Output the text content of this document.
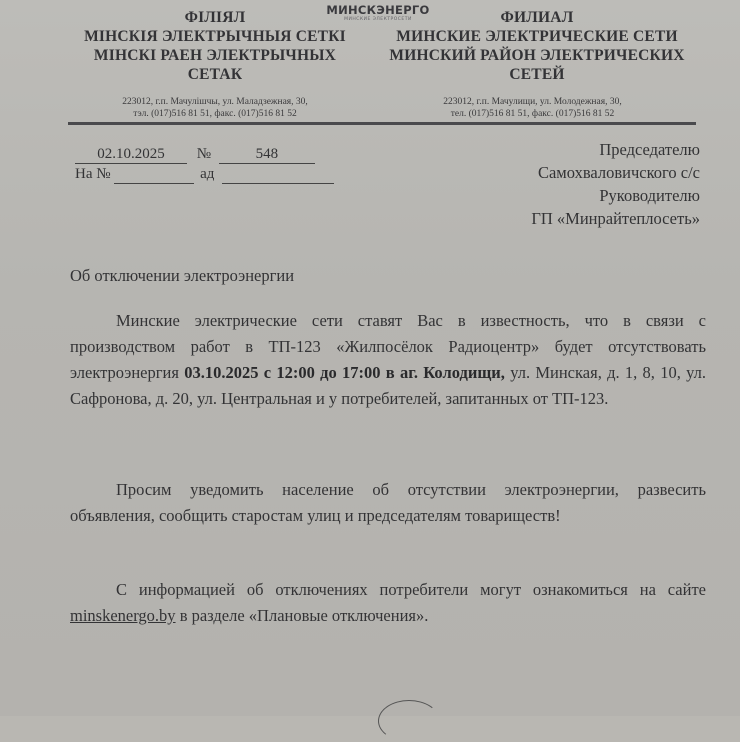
ФІЛІЯЛ
МІНСКІЯ ЭЛЕКТРЫЧНЫЯ СЕТКІ
МІНСКІ РАЕН ЭЛЕКТРЫЧНЫХ
СЕТАК
МИНСКЭНЕРГО
МИНСКИЕ ЭЛЕКТРОСЕТИ	ФИЛИАЛ
МИНСКИЕ ЭЛЕКТРИЧЕСКИЕ СЕТИ
МИНСКИЙ РАЙОН ЭЛЕКТРИЧЕСКИХ
СЕТЕЙ
223012, г.п. Мачулішчы, ул. Маладзежная, 30,
тэл. (017)516 81 51, факс. (017)516 81 52
223012, г.п. Мачулищи, ул. Молодежная, 30,
тел. (017)516 81 51, факс. (017)516 81 52
02.10.2025 №	548
На №	ад
Председателю
Самохваловичского с/с
Руководителю
ГП «Минрайтеплосеть»
Об отключении электроэнергии
Минские электрические сети ставят Вас в известность, что в связи с производством работ в ТП-123 «Жилпосёлок Радиоцентр» будет отсутствовать электроэнергия 03.10.2025 с 12:00 до 17:00 в аг. Колодищи, ул. Минская, д. 1, 8, 10, ул. Сафронова, д. 20, ул. Центральная и у потребителей, запитанных от ТП-123.
Просим уведомить население об отсутствии электроэнергии, развесить объявления, сообщить старостам улиц и председателям товариществ!
С информацией об отключениях потребители могут ознакомиться на сайте minskenergo.by в разделе «Плановые отключения».
